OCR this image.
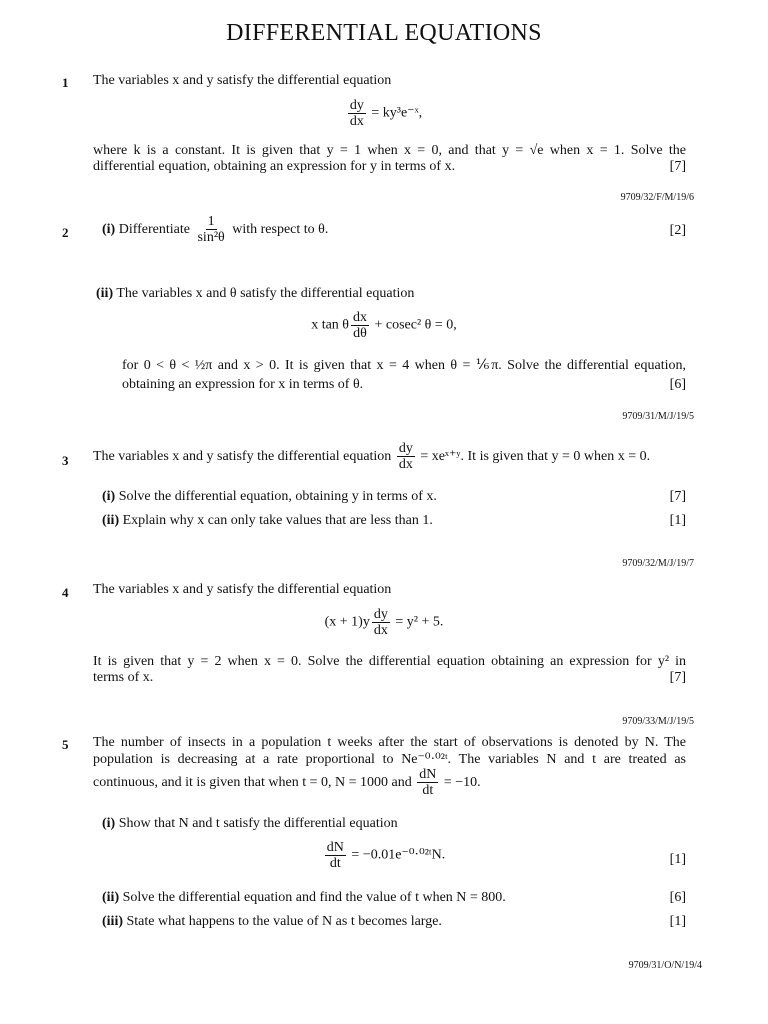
DIFFERENTIAL EQUATIONS
1 The variables x and y satisfy the differential equation
$\frac{dy}{dx}$ = ky³e⁻ˣ,
where k is a constant. It is given that y = 1 when x = 0, and that y = √e when x = 1. Solve the
differential equation, obtaining an expression for y in terms of x.	[7]
9709/32/F/M/19/6
2 (i) Differentiate $\frac{1}{\text{sin²θ}}$ with respect to θ.	[2]
(ii) The variables x and θ satisfy the differential equation
x tan θ $\frac{dx}{d\theta} + cosec^2$ θ = 0,
for 0 < θ < ½π and x > 0. It is given that x = 4 when θ = ⅙π. Solve the differential equation,
obtaining an expression for x in terms of θ.	[6]
9709/31/M/J/19/5
3 The variables x and y satisfy the differential equation $\frac{dy}{dx}$ = xeˣ⁺ʸ. It is given that y = 0 when x = 0.
(i) Solve the differential equation, obtaining y in terms of x.	[7]
(ii) Explain why x can only take values that are less than 1.	[1]
9709/32/M/J/19/7
4 The variables x and y satisfy the differential equation
$(x + 1)y \frac{dy}{dx} = y^2 + 5$.
It is given that y = 2 when x = 0. Solve the differential equation obtaining an expression for y² in
terms of x.	[7]
9709/33/M/J/19/5
5 The number of insects in a population t weeks after the start of observations is denoted by N. The
population is decreasing at a rate proportional to Ne⁻⁰·⁰²ᵗ. The variables N and t are treated as
continuous, and it is given that when t = 0, N = 1000 and $\frac{dN}{dt} = -10$.
(i) Show that N and t satisfy the differential equation
$\frac{dN}{dt}$ = −0.01e⁻⁰·⁰²ᵗN.	[1]
(ii) Solve the differential equation and find the value of t when N = 800.	[6]
(iii) State what happens to the value of N as t becomes large.	[1]
9709/31/O/N/19/4
